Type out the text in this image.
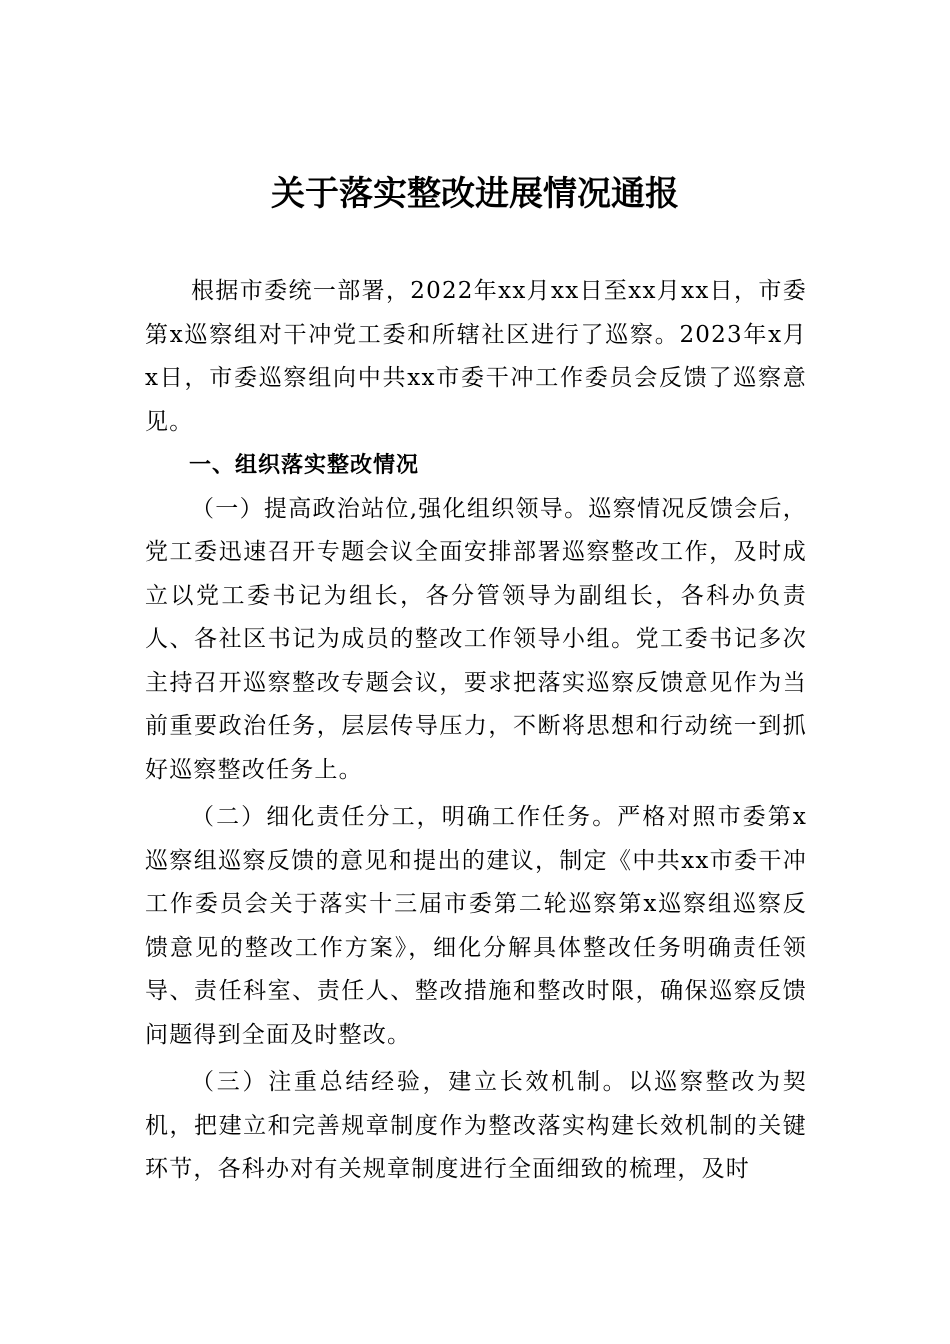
关于落实整改进展情况通报

根据市委统一部署，2022年xx月xx日至xx月xx日，市委第x巡察组对干冲党工委和所辖社区进行了巡察。2023年x月x日，市委巡察组向中共xx市委干冲工作委员会反馈了巡察意见。

一、组织落实整改情况

（一）提高政治站位,强化组织领导。巡察情况反馈会后，党工委迅速召开专题会议全面安排部署巡察整改工作，及时成立以党工委书记为组长，各分管领导为副组长，各科办负责人、各社区书记为成员的整改工作领导小组。党工委书记多次主持召开巡察整改专题会议，要求把落实巡察反馈意见作为当前重要政治任务，层层传导压力，不断将思想和行动统一到抓好巡察整改任务上。

（二）细化责任分工，明确工作任务。严格对照市委第x巡察组巡察反馈的意见和提出的建议，制定《中共xx市委干冲工作委员会关于落实十三届市委第二轮巡察第x巡察组巡察反馈意见的整改工作方案》，细化分解具体整改任务明确责任领导、责任科室、责任人、整改措施和整改时限，确保巡察反馈问题得到全面及时整改。

（三）注重总结经验，建立长效机制。以巡察整改为契机，把建立和完善规章制度作为整改落实构建长效机制的关键环节，各科办对有关规章制度进行全面细致的梳理，及时
